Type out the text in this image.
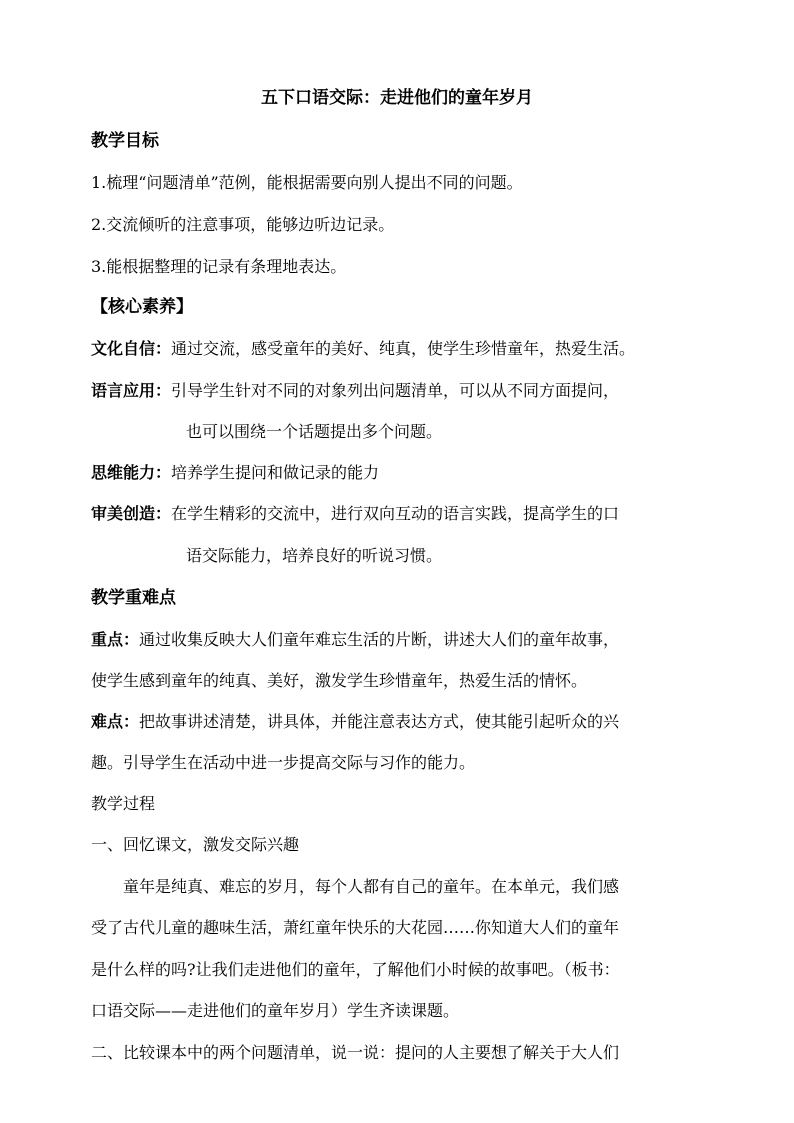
五下口语交际：走进他们的童年岁月
教学目标
1.梳理“问题清单”范例，能根据需要向别人提出不同的问题。
2.交流倾听的注意事项，能够边听边记录。
3.能根据整理的记录有条理地表达。
【核心素养】
文化自信：通过交流，感受童年的美好、纯真，使学生珍惜童年，热爱生活。
语言应用：引导学生针对不同的对象列出问题清单，可以从不同方面提问，
也可以围绕一个话题提出多个问题。
思维能力：培养学生提问和做记录的能力
审美创造：在学生精彩的交流中，进行双向互动的语言实践，提高学生的口
语交际能力，培养良好的听说习惯。
教学重难点
重点：通过收集反映大人们童年难忘生活的片断，讲述大人们的童年故事，
使学生感到童年的纯真、美好，激发学生珍惜童年，热爱生活的情怀。
难点：把故事讲述清楚，讲具体，并能注意表达方式，使其能引起听众的兴
趣。引导学生在活动中进一步提高交际与习作的能力。
教学过程
一、回忆课文，激发交际兴趣
童年是纯真、难忘的岁月，每个人都有自己的童年。在本单元，我们感
受了古代儿童的趣味生活，萧红童年快乐的大花园……你知道大人们的童年
是什么样的吗?让我们走进他们的童年，了解他们小时候的故事吧。（板书：
口语交际——走进他们的童年岁月）学生齐读课题。
二、比较课本中的两个问题清单，说一说：提问的人主要想了解关于大人们
